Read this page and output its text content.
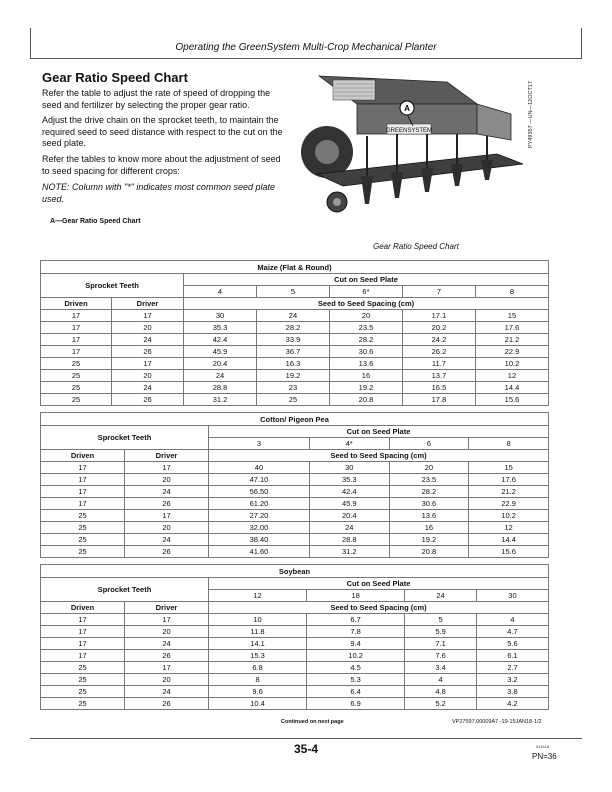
Operating the GreenSystem Multi-Crop Mechanical Planter
Gear Ratio Speed Chart
Refer the table to adjust the rate of speed of dropping the seed and fertilizer by selecting the proper gear ratio.
Adjust the drive chain on the sprocket teeth, to maintain the required seed to seed distance with respect to the cut on the seed plate.
Refer the tables to know more about the adjustment of seed to seed spacing for different crops:
NOTE: Column with "*" indicates most common seed plate used.
A—Gear Ratio Speed Chart
GREENSYSTEM
A	PY49357 —UN—12OCT17
Gear Ratio Speed Chart
Maize (Flat & Round)						
Sprocket Teeth		Cut on Seed Plate				
		4	5	6*	7	8
Driven	Driver	Seed to Seed Spacing (cm)				
17	17	30	24	20	17.1	15
17	20	35.3	28.2	23.5	20.2	17.6
17	24	42.4	33.9	28.2	24.2	21.2
17	26	45.9	36.7	30.6	26.2	22.9
25	17	20.4	16.3	13.6	11.7	10.2
25	20	24	19.2	16	13.7	12
25	24	28.8	23	19.2	16.5	14.4
25	26	31.2	25	20.8	17.8	15.6
Cotton/ Pigeon Pea					
Sprocket Teeth		Cut on Seed Plate			
		3	4*	6	8
Driven	Driver	Seed to Seed Spacing (cm)			
17	17	40	30	20	15
17	20	47.10	35.3	23.5	17.6
17	24	56.50	42.4	28.2	21.2
17	26	61.20	45.9	30.6	22.9
25	17	27.20	20.4	13.6	10.2
25	20	32.00	24	16	12
25	24	38.40	28.8	19.2	14.4
25	26	41.60	31.2	20.8	15.6
Soybean					
Sprocket Teeth		Cut on Seed Plate			
		12	18	24	30
Driven	Driver	Seed to Seed Spacing (cm)			
17	17	10	6.7	5	4
17	20	11.8	7.8	5.9	4.7
17	24	14.1	9.4	7.1	5.6
17	26	15.3	10.2	7.6	6.1
25	17	6.8	4.5	3.4	2.7
25	20	8	5.3	4	3.2
25	24	9.6	6.4	4.8	3.8
25	26	10.4	6.9	5.2	4.2
Continued on next page	VP27597,00009A7 -19-15JAN18-1/2
35-4	011618
PN=36
